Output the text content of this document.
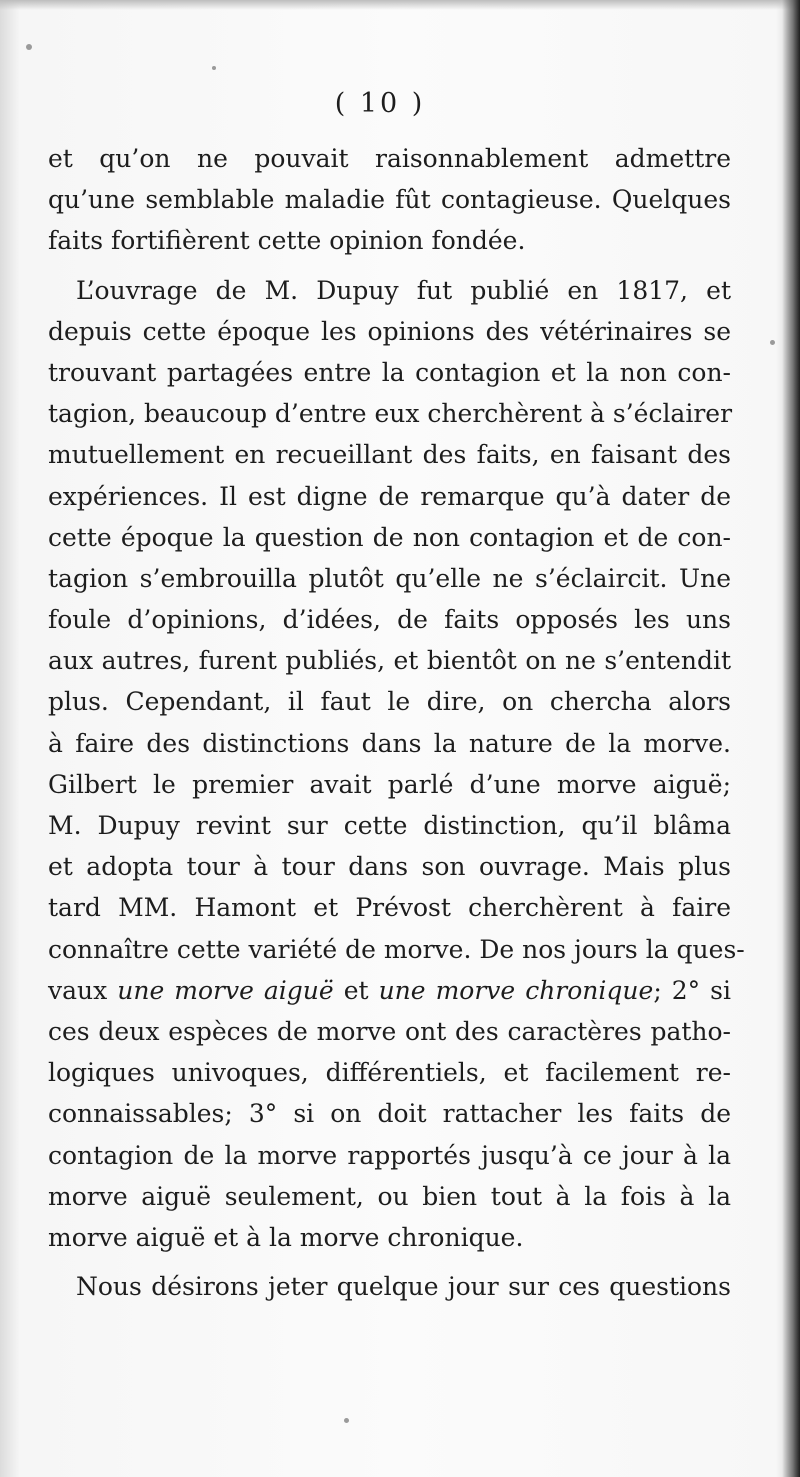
( 10 )
et qu’on ne pouvait raisonnablement admettre
qu’une semblable maladie fût contagieuse. Quelques
faits fortifièrent cette opinion fondée.
L’ouvrage de M. Dupuy fut publié en 1817, et
depuis cette époque les opinions des vétérinaires se
trouvant partagées entre la contagion et la non con-
tagion, beaucoup d’entre eux cherchèrent à s’éclairer
mutuellement en recueillant des faits, en faisant des
expériences. Il est digne de remarque qu’à dater de
cette époque la question de non contagion et de con-
tagion s’embrouilla plutôt qu’elle ne s’éclaircit. Une
foule d’opinions, d’idées, de faits opposés les uns
aux autres, furent publiés, et bientôt on ne s’entendit
plus. Cependant, il faut le dire, on chercha alors
à faire des distinctions dans la nature de la morve.
Gilbert le premier avait parlé d’une morve aiguë;
M. Dupuy revint sur cette distinction, qu’il blâma
et adopta tour à tour dans son ouvrage. Mais plus
tard MM. Hamont et Prévost cherchèrent à faire
connaître cette variété de morve. De nos jours la ques-
vaux une morve aiguë et une morve chronique; 2° si
ces deux espèces de morve ont des caractères patho-
logiques univoques, différentiels, et facilement re-
connaissables; 3° si on doit rattacher les faits de
contagion de la morve rapportés jusqu’à ce jour à la
morve aiguë seulement, ou bien tout à la fois à la
morve aiguë et à la morve chronique.
Nous désirons jeter quelque jour sur ces questions
